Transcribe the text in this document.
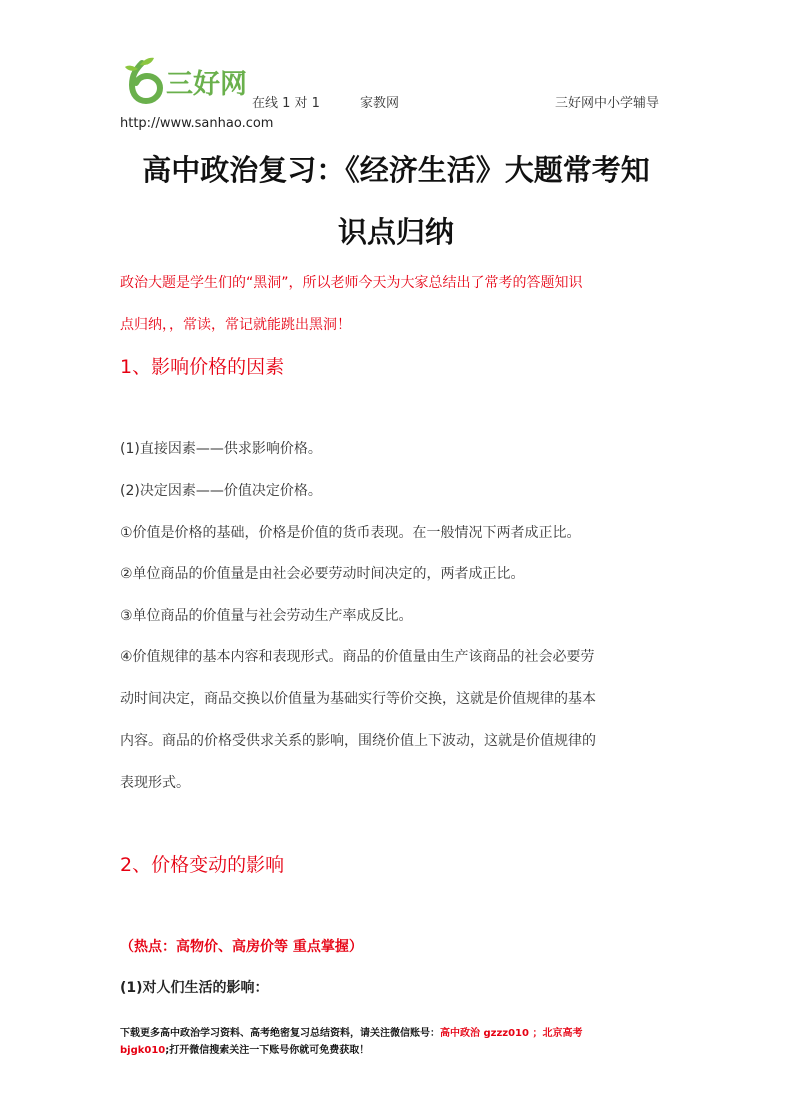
三好网
在线 1 对 1	家教网	三好网中小学辅导
http://www.sanhao.com
高中政治复习：《经济生活》大题常考知
识点归纳
政治大题是学生们的“黑洞”，所以老师今天为大家总结出了常考的答题知识
点归纳，，常读，常记就能跳出黑洞！
1、影响价格的因素
(1)直接因素——供求影响价格。
(2)决定因素——价值决定价格。
①价值是价格的基础，价格是价值的货币表现。在一般情况下两者成正比。
②单位商品的价值量是由社会必要劳动时间决定的，两者成正比。
③单位商品的价值量与社会劳动生产率成反比。
④价值规律的基本内容和表现形式。商品的价值量由生产该商品的社会必要劳
动时间决定，商品交换以价值量为基础实行等价交换，这就是价值规律的基本
内容。商品的价格受供求关系的影响，围绕价值上下波动，这就是价值规律的
表现形式。
2、价格变动的影响
（热点：高物价、高房价等 重点掌握）
(1)对人们生活的影响：
下载更多高中政治学习资料、高考绝密复习总结资料，请关注微信账号：高中政治 gzzz010 ；北京高考
bjgk010;打开微信搜索关注一下账号你就可免费获取！
